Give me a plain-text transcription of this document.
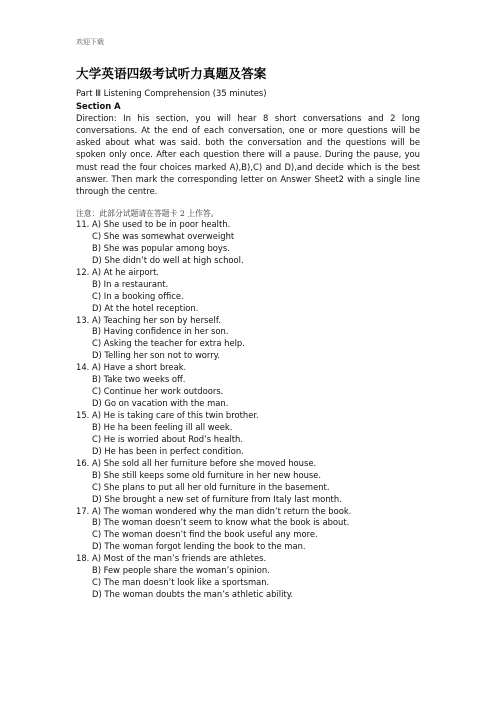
欢迎下载
大学英语四级考试听力真题及答案
Part Ⅲ Listening Comprehension (35 minutes)
Section A
Direction: In his section, you will hear 8 short conversations and 2 long conversations. At the end of each conversation, one or more questions will be asked about what was said. both the conversation and the questions will be spoken only once. After each question there will a pause. During the pause, you must read the four choices marked A),B),C) and D),and decide which is the best answer. Then mark the corresponding letter on Answer Sheet2 with a single line through the centre.
注意：此部分试题请在答题卡 2 上作答。
11. A) She used to be in poor health.
C) She was somewhat overweight
B) She was popular among boys.
D) She didn’t do well at high school.
12. A) At he airport.
B) In a restaurant.
C) In a booking office.
D) At the hotel reception.
13. A) Teaching her son by herself.
B) Having confidence in her son.
C) Asking the teacher for extra help.
D) Telling her son not to worry.
14. A) Have a short break.
B) Take two weeks off.
C) Continue her work outdoors.
D) Go on vacation with the man.
15. A) He is taking care of this twin brother.
B) He ha been feeling ill all week.
C) He is worried about Rod’s health.
D) He has been in perfect condition.
16. A) She sold all her furniture before she moved house.
B) She still keeps some old furniture in her new house.
C) She plans to put all her old furniture in the basement.
D) She brought a new set of furniture from Italy last month.
17. A) The woman wondered why the man didn’t return the book.
B) The woman doesn’t seem to know what the book is about.
C) The woman doesn’t find the book useful any more.
D) The woman forgot lending the book to the man.
18. A) Most of the man’s friends are athletes.
B) Few people share the woman’s opinion.
C) The man doesn’t look like a sportsman.
D) The woman doubts the man’s athletic ability.
